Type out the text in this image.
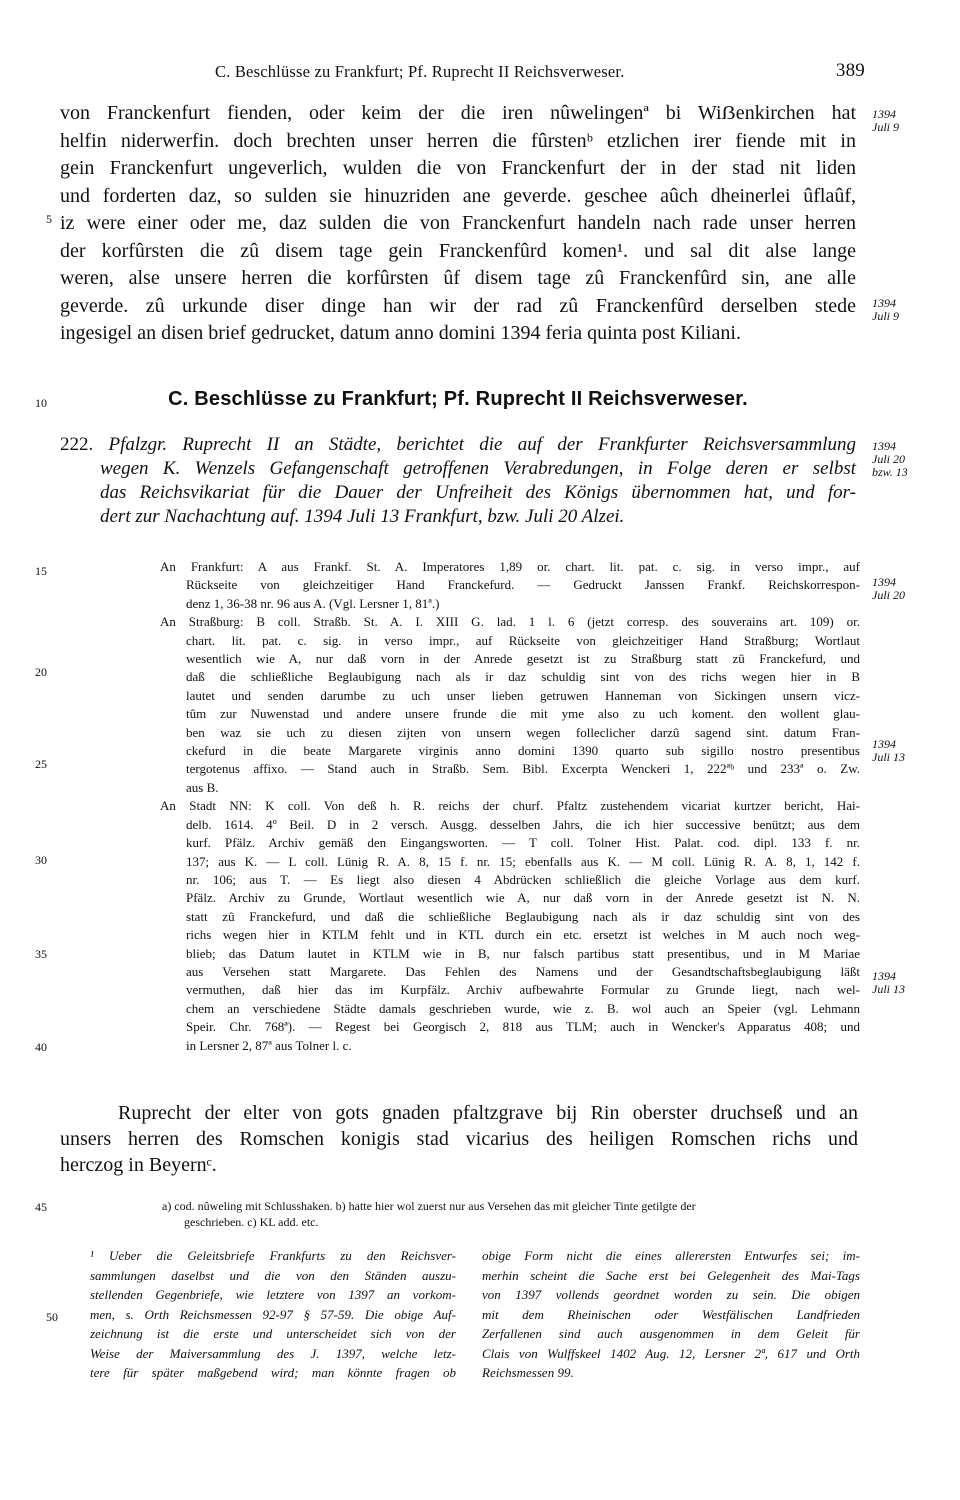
C. Beschlüsse zu Frankfurt; Pf. Ruprecht II Reichsverweser.	389
von Franckenfurt fienden, oder keim der die iren nûwelingenª bi Wiẞenkirchen hat
helfin niderwerfin. doch brechten unser herren die fûrstenᵇ etzlichen irer fiende mit in
gein Franckenfurt ungeverlich, wulden die von Franckenfurt der in der stad nit liden
und forderten daz, so sulden sie hinuzriden ane geverde. geschee aûch dheinerlei ûflaûf,
iz were einer oder me, daz sulden die von Franckenfurt handeln nach rade unser herren
der korfûrsten die zû disem tage gein Franckenfûrd komen¹. und sal dit alse lange
weren, alse unsere herren die korfûrsten ûf disem tage zû Franckenfûrd sin, ane alle
geverde. zû urkunde diser dinge han wir der rad zû Franckenfûrd derselben stede
ingesigel an disen brief gedrucket, datum anno domini 1394 feria quinta post Kiliani.
5
1394
Juli 9
1394
Juli 9
10	C. Beschlüsse zu Frankfurt; Pf. Ruprecht II Reichsverweser.
222. Pfalzgr. Ruprecht II an Städte, berichtet die auf der Frankfurter Reichsversammlung
wegen K. Wenzels Gefangenschaft getroffenen Verabredungen, in Folge deren er selbst
das Reichsvikariat für die Dauer der Unfreiheit des Königs übernommen hat, und for-
dert zur Nachachtung auf. 1394 Juli 13 Frankfurt, bzw. Juli 20 Alzei.
1394
Juli 20
bzw. 13
An Frankfurt: A aus Frankf. St. A. Imperatores 1,89 or. chart. lit. pat. c. sig. in verso impr., auf
Rückseite von gleichzeitiger Hand Franckefurd. — Gedruckt Janssen Frankf. Reichskorrespon-
denz 1, 36-38 nr. 96 aus A. (Vgl. Lersner 1, 81ª.)
An Straßburg: B coll. Straßb. St. A. I. XIII G. lad. 1 l. 6 (jetzt corresp. des souverains art. 109) or.
chart. lit. pat. c. sig. in verso impr., auf Rückseite von gleichzeitiger Hand Straßburg; Wortlaut
wesentlich wie A, nur daß vorn in der Anrede gesetzt ist zu Straßburg statt zû Franckefurd, und
daß die schließliche Beglaubigung nach als ir daz schuldig sint von des richs wegen hier in B
lautet und senden darumbe zu uch unser lieben getruwen Hanneman von Sickingen unsern vicz-
tûm zur Nuwenstad und andere unsere frunde die mit yme also zu uch koment. den wollent glau-
ben waz sie uch zu diesen zijten von unsern wegen folleclicher darzû sagend sint. datum Fran-
ckefurd in die beate Margarete virginis anno domini 1390 quarto sub sigillo nostro presentibus
tergotenus affixo. — Stand auch in Straßb. Sem. Bibl. Excerpta Wenckeri 1, 222ªᵇ und 233ª o. Zw.
aus B.
An Stadt NN: K coll. Von deß h. R. reichs der churf. Pfaltz zustehendem vicariat kurtzer bericht, Hai-
delb. 1614. 4º Beil. D in 2 versch. Ausgg. desselben Jahrs, die ich hier successive benützt; aus dem
kurf. Pfälz. Archiv gemäß den Eingangsworten. — T coll. Tolner Hist. Palat. cod. dipl. 133 f. nr.
137; aus K. — L coll. Lünig R. A. 8, 15 f. nr. 15; ebenfalls aus K. — M coll. Lünig R. A. 8, 1, 142 f.
nr. 106; aus T. — Es liegt also diesen 4 Abdrücken schließlich die gleiche Vorlage aus dem kurf.
Pfälz. Archiv zu Grunde, Wortlaut wesentlich wie A, nur daß vorn in der Anrede gesetzt ist N. N.
statt zû Franckefurd, und daß die schließliche Beglaubigung nach als ir daz schuldig sint von des
richs wegen hier in KTLM fehlt und in KTL durch ein etc. ersetzt ist welches in M auch noch weg-
blieb; das Datum lautet in KTLM wie in B, nur falsch partibus statt presentibus, und in M Mariae
aus Versehen statt Margarete. Das Fehlen des Namens und der Gesandtschaftsbeglaubigung läßt
vermuthen, daß hier das im Kurpfälz. Archiv aufbewahrte Formular zu Grunde liegt, nach wel-
chem an verschiedene Städte damals geschrieben wurde, wie z. B. wol auch an Speier (vgl. Lehmann
Speir. Chr. 768ª). — Regest bei Georgisch 2, 818 aus TLM; auch in Wencker's Apparatus 408; und
in Lersner 2, 87ª aus Tolner l. c.
15
20
25
30
35
40
1394
Juli 20
1394
Juli 13
1394
Juli 13
Ruprecht der elter von gots gnaden pfaltzgrave bij Rin oberster druchseß und an
unsers herren des Romschen konigis stad vicarius des heiligen Romschen richs und
herczog in Beyernᶜ.
45	a) cod. nûweling mit Schlusshaken. b) hatte hier wol zuerst nur aus Versehen das mit gleicher Tinte getilgte der
geschrieben. c) KL add. etc.
50
¹ Ueber die Geleitsbriefe Frankfurts zu den Reichsver-
sammlungen daselbst und die von den Ständen auszu-
stellenden Gegenbriefe, wie letztere von 1397 an vorkom-
men, s. Orth Reichsmessen 92-97 § 57-59. Die obige Auf-
zeichnung ist die erste und unterscheidet sich von der
Weise der Maiversammlung des J. 1397, welche letz-
tere für später maßgebend wird; man könnte fragen ob
obige Form nicht die eines allerersten Entwurfes sei; im-
merhin scheint die Sache erst bei Gelegenheit des Mai-Tags
von 1397 vollends geordnet worden zu sein. Die obigen
mit dem Rheinischen oder Westfälischen Landfrieden
Zerfallenen sind auch ausgenommen in dem Geleit für
Clais von Wulffskeel 1402 Aug. 12, Lersner 2ª, 617 und Orth
Reichsmessen 99.
